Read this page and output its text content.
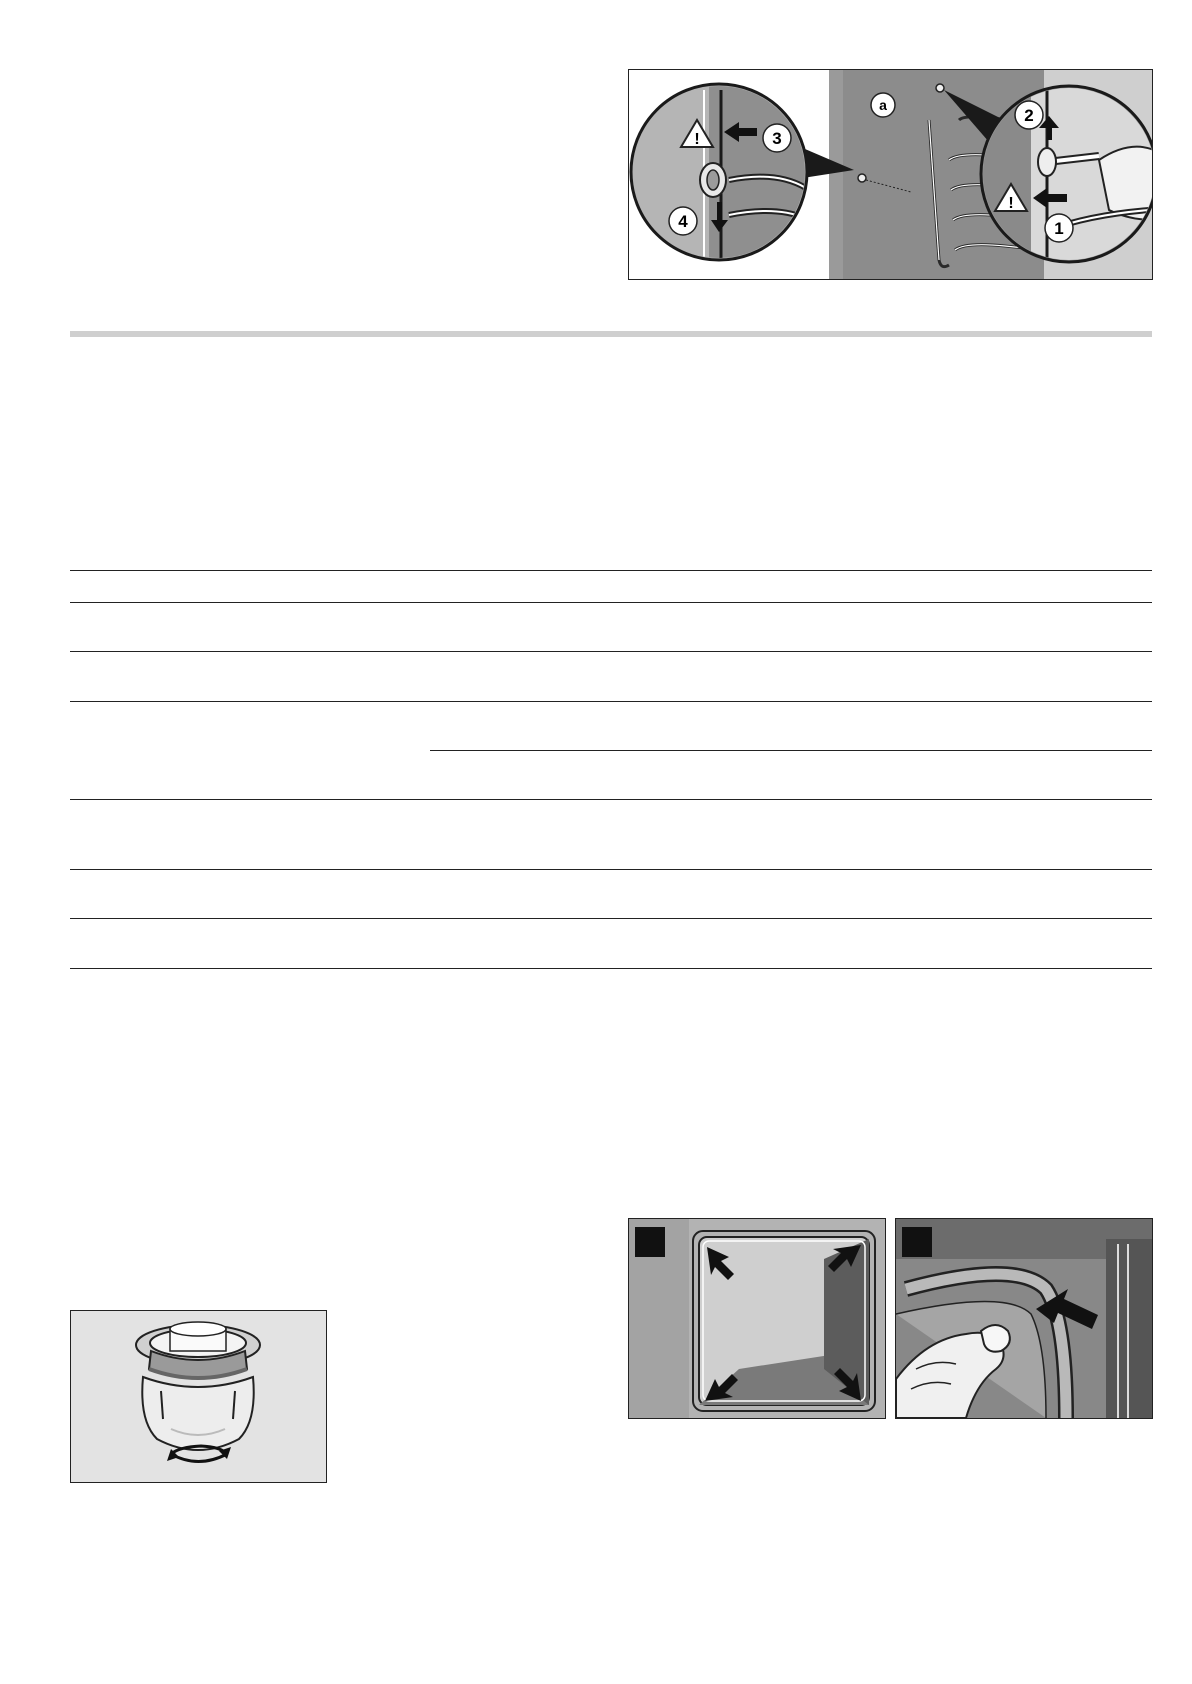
a
!	3
4
2
!
1
